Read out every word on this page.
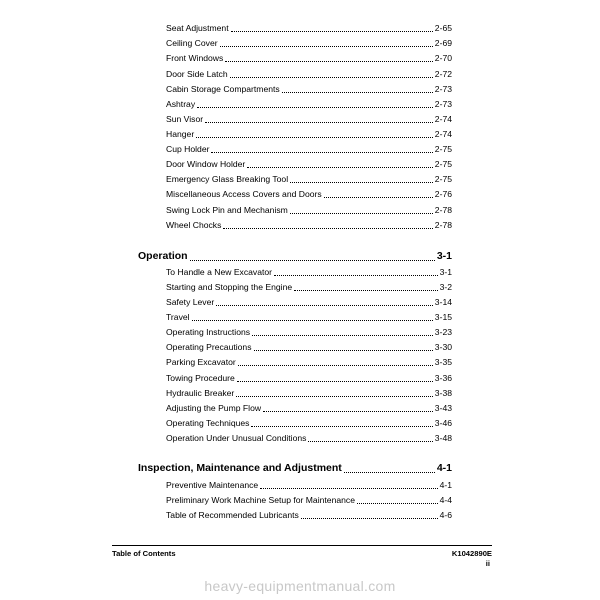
Seat Adjustment	2-65
Ceiling Cover	2-69
Front Windows	2-70
Door Side Latch	2-72
Cabin Storage Compartments	2-73
Ashtray	2-73
Sun Visor	2-74
Hanger	2-74
Cup Holder	2-75
Door Window Holder	2-75
Emergency Glass Breaking Tool	2-75
Miscellaneous Access Covers and Doors	2-76
Swing Lock Pin and Mechanism	2-78
Wheel Chocks	2-78
Operation	3-1
To Handle a New Excavator	3-1
Starting and Stopping the Engine	3-2
Safety Lever	3-14
Travel	3-15
Operating Instructions	3-23
Operating Precautions	3-30
Parking Excavator	3-35
Towing Procedure	3-36
Hydraulic Breaker	3-38
Adjusting the Pump Flow	3-43
Operating Techniques	3-46
Operation Under Unusual Conditions	3-48
Inspection, Maintenance and Adjustment	4-1
Preventive Maintenance	4-1
Preliminary Work Machine Setup for Maintenance	4-4
Table of Recommended Lubricants	4-6
Table of Contents	K1042890E
ii
heavy-equipmentmanual.com
